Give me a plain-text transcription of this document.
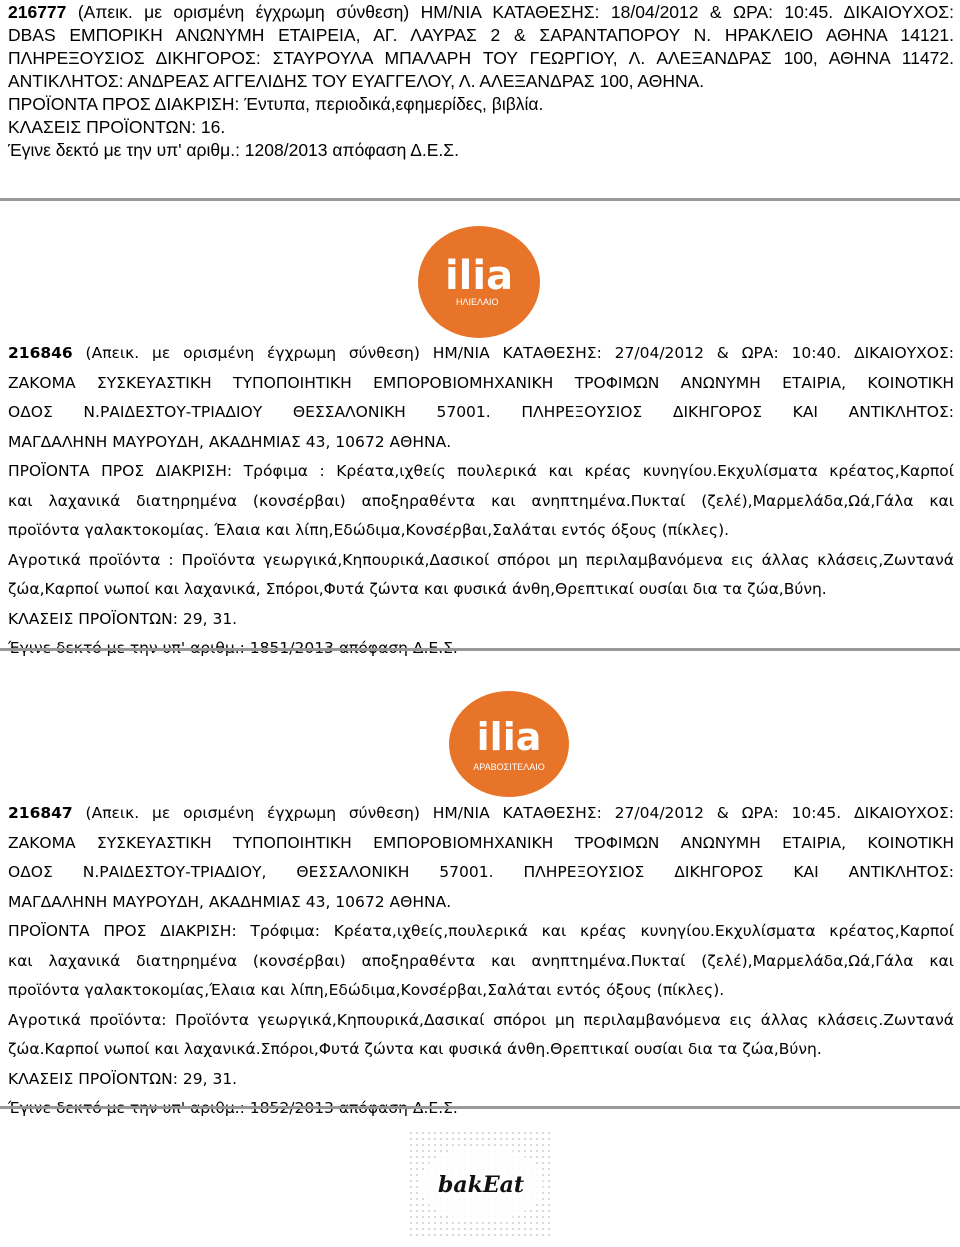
216777 (Απεικ. με ορισμένη έγχρωμη σύνθεση) ΗΜ/ΝΙΑ ΚΑΤΑΘΕΣΗΣ: 18/04/2012 & ΩΡΑ: 10:45. ΔΙΚΑΙΟΥΧΟΣ:
DBAS ΕΜΠΟΡΙΚΗ ΑΝΩΝΥΜΗ ΕΤΑΙΡΕΙΑ, ΑΓ. ΛΑΥΡΑΣ 2 & ΣΑΡΑΝΤΑΠΟΡΟΥ Ν. ΗΡΑΚΛΕΙΟ ΑΘΗΝΑ 14121.
ΠΛΗΡΕΞΟΥΣΙΟΣ ΔΙΚΗΓΟΡΟΣ: ΣΤΑΥΡΟΥΛΑ ΜΠΑΛΑΡΗ ΤΟΥ ΓΕΩΡΓΙΟΥ, Λ. ΑΛΕΞΑΝΔΡΑΣ 100, ΑΘΗΝΑ 11472.
ΑΝΤΙΚΛΗΤΟΣ: ΑΝΔΡΕΑΣ ΑΓΓΕΛΙΔΗΣ ΤΟΥ ΕΥΑΓΓΕΛΟΥ, Λ. ΑΛΕΞΑΝΔΡΑΣ 100, ΑΘΗΝΑ.
ΠΡΟΪΟΝΤΑ ΠΡΟΣ ΔΙΑΚΡΙΣΗ: Έντυπα, περιοδικά,εφημερίδες, βιβλία.
ΚΛΑΣΕΙΣ ΠΡΟΪΟΝΤΩΝ: 16.
Έγινε δεκτό με την υπ' αριθμ.: 1208/2013 απόφαση Δ.Ε.Σ.
ilia
ΗΛΙΕΛΑΙΟ
216846 (Απεικ. με ορισμένη έγχρωμη σύνθεση) ΗΜ/ΝΙΑ ΚΑΤΑΘΕΣΗΣ: 27/04/2012 & ΩΡΑ: 10:40. ΔΙΚΑΙΟΥΧΟΣ:
ΖΑΚΟΜΑ ΣΥΣΚΕΥΑΣΤΙΚΗ ΤΥΠΟΠΟΙΗΤΙΚΗ ΕΜΠΟΡΟΒΙΟΜΗΧΑΝΙΚΗ ΤΡΟΦΙΜΩΝ ΑΝΩΝΥΜΗ ΕΤΑΙΡΙΑ, ΚΟΙΝΟΤΙΚΗ
ΟΔΟΣ Ν.ΡΑΙΔΕΣΤΟΥ-ΤΡΙΑΔΙΟΥ ΘΕΣΣΑΛΟΝΙΚΗ 57001. ΠΛΗΡΕΞΟΥΣΙΟΣ ΔΙΚΗΓΟΡΟΣ ΚΑΙ ΑΝΤΙΚΛΗΤΟΣ:
ΜΑΓΔΑΛΗΝΗ ΜΑΥΡΟΥΔΗ, ΑΚΑΔΗΜΙΑΣ 43, 10672 ΑΘΗΝΑ.
ΠΡΟΪΟΝΤΑ ΠΡΟΣ ΔΙΑΚΡΙΣΗ: Τρόφιμα : Κρέατα,ιχθείς πουλερικά και κρέας κυνηγίου.Εκχυλίσματα κρέατος,Καρποί
και λαχανικά διατηρημένα (κονσέρβαι) αποξηραθέντα και ανηπτημένα.Πυκταί (ζελέ),Μαρμελάδα,Ωά,Γάλα και
προϊόντα γαλακτοκομίας. Έλαια και λίπη,Εδώδιμα,Κονσέρβαι,Σαλάται εντός όξους (πίκλες).
Αγροτικά προϊόντα : Προϊόντα γεωργικά,Κηπουρικά,Δασικοί σπόροι μη περιλαμβανόμενα εις άλλας κλάσεις,Ζωντανά
ζώα,Καρποί νωποί και λαχανικά, Σπόροι,Φυτά ζώντα και φυσικά άνθη,Θρεπτικαί ουσίαι δια τα ζώα,Βύνη.
ΚΛΑΣΕΙΣ ΠΡΟΪΟΝΤΩΝ: 29, 31.
Έγινε δεκτό με την υπ' αριθμ.: 1851/2013 απόφαση Δ.Ε.Σ.
ilia
ΑΡΑΒΟΣΙΤΕΛΑΙΟ
216847 (Απεικ. με ορισμένη έγχρωμη σύνθεση) ΗΜ/ΝΙΑ ΚΑΤΑΘΕΣΗΣ: 27/04/2012 & ΩΡΑ: 10:45. ΔΙΚΑΙΟΥΧΟΣ:
ΖΑΚΟΜΑ ΣΥΣΚΕΥΑΣΤΙΚΗ ΤΥΠΟΠΟΙΗΤΙΚΗ ΕΜΠΟΡΟΒΙΟΜΗΧΑΝΙΚΗ ΤΡΟΦΙΜΩΝ ΑΝΩΝΥΜΗ ΕΤΑΙΡΙΑ, ΚΟΙΝΟΤΙΚΗ
ΟΔΟΣ Ν.ΡΑΙΔΕΣΤΟΥ-ΤΡΙΑΔΙΟΥ, ΘΕΣΣΑΛΟΝΙΚΗ 57001. ΠΛΗΡΕΞΟΥΣΙΟΣ ΔΙΚΗΓΟΡΟΣ ΚΑΙ ΑΝΤΙΚΛΗΤΟΣ:
ΜΑΓΔΑΛΗΝΗ ΜΑΥΡΟΥΔΗ, ΑΚΑΔΗΜΙΑΣ 43, 10672 ΑΘΗΝΑ.
ΠΡΟΪΟΝΤΑ ΠΡΟΣ ΔΙΑΚΡΙΣΗ: Τρόφιμα: Κρέατα,ιχθείς,πουλερικά και κρέας κυνηγίου.Εκχυλίσματα κρέατος,Καρποί
και λαχανικά διατηρημένα (κονσέρβαι) αποξηραθέντα και ανηπτημένα.Πυκταί (ζελέ),Μαρμελάδα,Ωά,Γάλα και
προϊόντα γαλακτοκομίας,Έλαια και λίπη,Εδώδιμα,Κονσέρβαι,Σαλάται εντός όξους (πίκλες).
Αγροτικά προϊόντα: Προϊόντα γεωργικά,Κηπουρικά,Δασικαί σπόροι μη περιλαμβανόμενα εις άλλας κλάσεις.Ζωντανά
ζώα.Καρποί νωποί και λαχανικά.Σπόροι,Φυτά ζώντα και φυσικά άνθη.Θρεπτικαί ουσίαι δια τα ζώα,Βύνη.
ΚΛΑΣΕΙΣ ΠΡΟΪΟΝΤΩΝ: 29, 31.
Έγινε δεκτό με την υπ' αριθμ.: 1852/2013 απόφαση Δ.Ε.Σ.
bakEat
